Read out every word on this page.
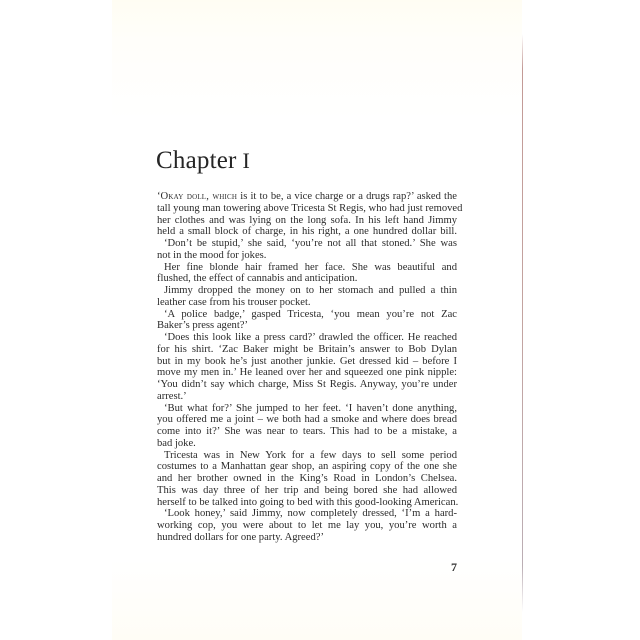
Chapter I
‘Okay doll, which is it to be, a vice charge or a drugs rap?’ asked the
tall young man towering above Tricesta St Regis, who had just removed
her clothes and was lying on the long sofa. In his left hand Jimmy
held a small block of charge, in his right, a one hundred dollar bill.
‘Don’t be stupid,’ she said, ‘you’re not all that stoned.’ She was
not in the mood for jokes.
Her fine blonde hair framed her face. She was beautiful and
flushed, the effect of cannabis and anticipation.
Jimmy dropped the money on to her stomach and pulled a thin
leather case from his trouser pocket.
‘A police badge,’ gasped Tricesta, ‘you mean you’re not Zac
Baker’s press agent?’
‘Does this look like a press card?’ drawled the officer. He reached
for his shirt. ‘Zac Baker might be Britain’s answer to Bob Dylan
but in my book he’s just another junkie. Get dressed kid – before I
move my men in.’ He leaned over her and squeezed one pink nipple:
‘You didn’t say which charge, Miss St Regis. Anyway, you’re under
arrest.’
‘But what for?’ She jumped to her feet. ‘I haven’t done anything,
you offered me a joint – we both had a smoke and where does bread
come into it?’ She was near to tears. This had to be a mistake, a
bad joke.
Tricesta was in New York for a few days to sell some period
costumes to a Manhattan gear shop, an aspiring copy of the one she
and her brother owned in the King’s Road in London’s Chelsea.
This was day three of her trip and being bored she had allowed
herself to be talked into going to bed with this good-looking American.
‘Look honey,’ said Jimmy, now completely dressed, ‘I’m a hard-
working cop, you were about to let me lay you, you’re worth a
hundred dollars for one party. Agreed?’
7
